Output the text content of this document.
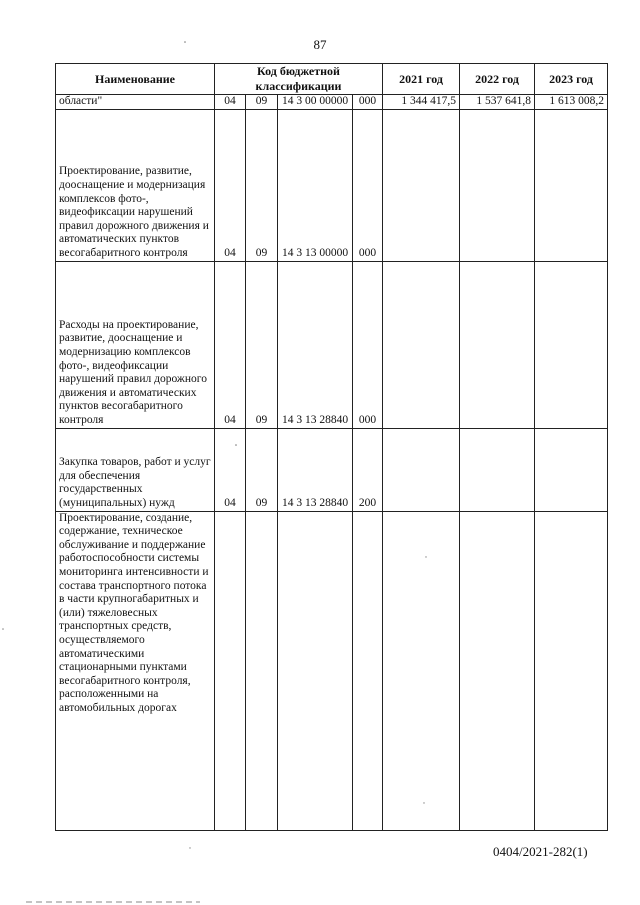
87
Наименование	Код бюджетной классификации				2021 год	2022 год	2023 год
области"	04	09	14 3 00 00000	000	1 344 417,5	1 537 641,8	1 613 008,2
Проектирование, развитие, дооснащение и модернизация комплексов фото-, видеофиксации нарушений правил дорожного движения и автоматических пунктов весогабаритного контроля	04	09	14 3 13 00000	000			
Расходы на проектирование, развитие, дооснащение и модернизацию комплексов фото-, видеофиксации нарушений правил дорожного движения и автоматических пунктов весогабаритного контроля	04	09	14 3 13 28840	000			
Закупка товаров, работ и услуг для обеспечения государственных (муниципальных) нужд	04	09	14 3 13 28840	200			
Проектирование, создание, содержание, техническое обслуживание и поддержание работоспособности системы мониторинга интенсивности и состава транспортного потока в части крупногабаритных и (или) тяжеловесных транспортных средств, осуществляемого автоматическими стационарными пунктами весогабаритного контроля, расположенными на автомобильных дорогах							
0404/2021-282(1)
